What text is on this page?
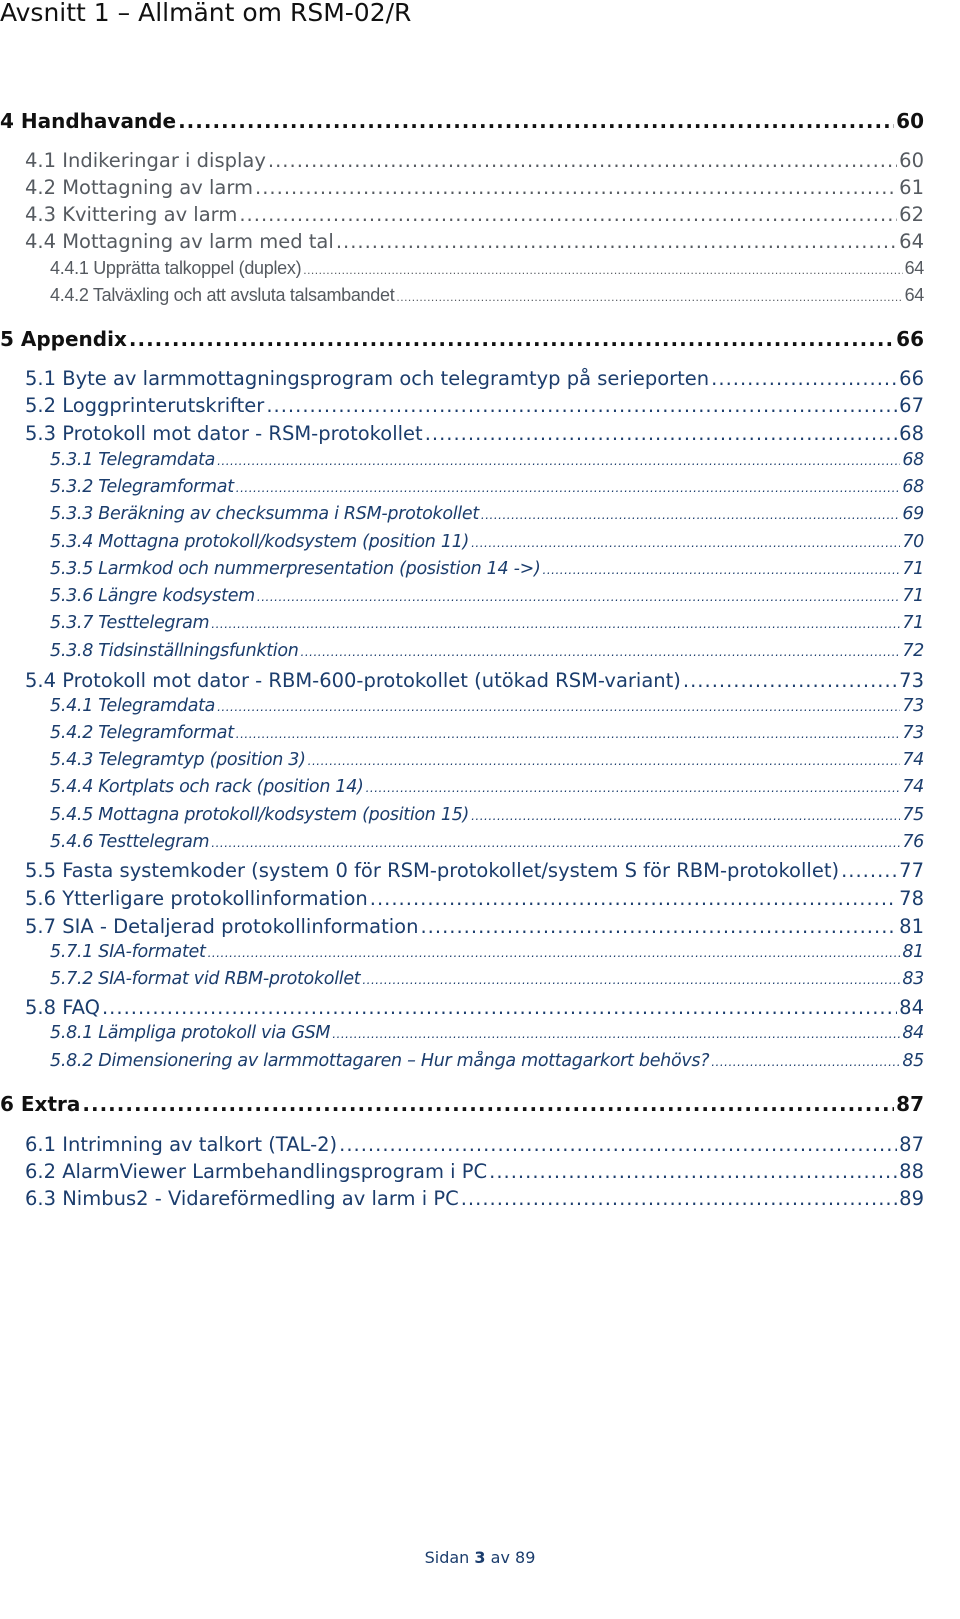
Avsnitt 1 – Allmänt om RSM-02/R
4 Handhavande .....	60
4.1 Indikeringar i display .....	60
4.2 Mottagning av larm .....	61
4.3 Kvittering av larm .....	62
4.4 Mottagning av larm med tal .....	64
4.4.1 Upprätta talkoppel (duplex) .....	64
4.4.2 Talväxling och att avsluta talsambandet .....	64
5 Appendix .....	66
5.1 Byte av larmmottagningsprogram och telegramtyp på serieporten .....	66
5.2 Loggprinterutskrifter .....	67
5.3 Protokoll mot dator - RSM-protokollet .....	68
5.3.1 Telegramdata .....	68
5.3.2 Telegramformat .....	68
5.3.3 Beräkning av checksumma i RSM-protokollet .....	69
5.3.4 Mottagna protokoll/kodsystem (position 11) .....	70
5.3.5 Larmkod och nummerpresentation (posistion 14 ->) .....	71
5.3.6 Längre kodsystem .....	71
5.3.7 Testtelegram .....	71
5.3.8 Tidsinställningsfunktion .....	72
5.4 Protokoll mot dator - RBM-600-protokollet (utökad RSM-variant) .....	73
5.4.1 Telegramdata .....	73
5.4.2 Telegramformat .....	73
5.4.3 Telegramtyp (position 3) .....	74
5.4.4 Kortplats och rack (position 14) .....	74
5.4.5 Mottagna protokoll/kodsystem (position 15) .....	75
5.4.6 Testtelegram .....	76
5.5 Fasta systemkoder (system 0 för RSM-protokollet/system S för RBM-protokollet) .....	77
5.6 Ytterligare protokollinformation .....	78
5.7 SIA - Detaljerad protokollinformation .....	81
5.7.1 SIA-formatet .....	81
5.7.2 SIA-format vid RBM-protokollet .....	83
5.8 FAQ .....	84
5.8.1 Lämpliga protokoll via GSM .....	84
5.8.2 Dimensionering av larmmottagaren – Hur många mottagarkort behövs? .....	85
6 Extra .....	87
6.1 Intrimning av talkort (TAL-2) .....	87
6.2 AlarmViewer Larmbehandlingsprogram i PC .....	88
6.3 Nimbus2 - Vidareförmedling av larm i PC .....	89
Sidan 3 av 89
